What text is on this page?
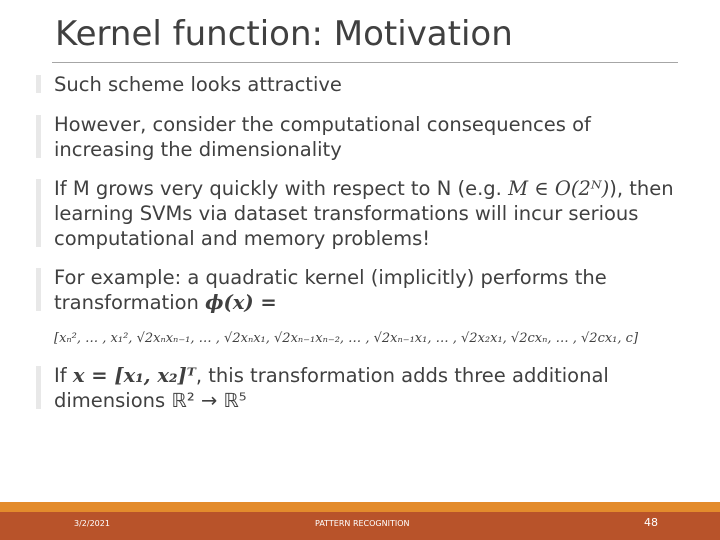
Kernel function: Motivation
Such scheme looks attractive
However, consider the computational consequences of increasing the dimensionality
If M grows very quickly with respect to N (e.g. M ∈ O(2ᴺ)), then learning SVMs via dataset transformations will incur serious computational and memory problems!
For example: a quadratic kernel (implicitly) performs the transformation ϕ(x) =
[xₙ², … , x₁², √2xₙxₙ₋₁, … , √2xₙx₁, √2xₙ₋₁xₙ₋₂, … , √2xₙ₋₁x₁, … , √2x₂x₁, √2cxₙ, … , √2cx₁, c]
If x = [x₁, x₂]ᵀ, this transformation adds three additional dimensions ℝ² → ℝ⁵
3/2/2021	PATTERN RECOGNITION	48
